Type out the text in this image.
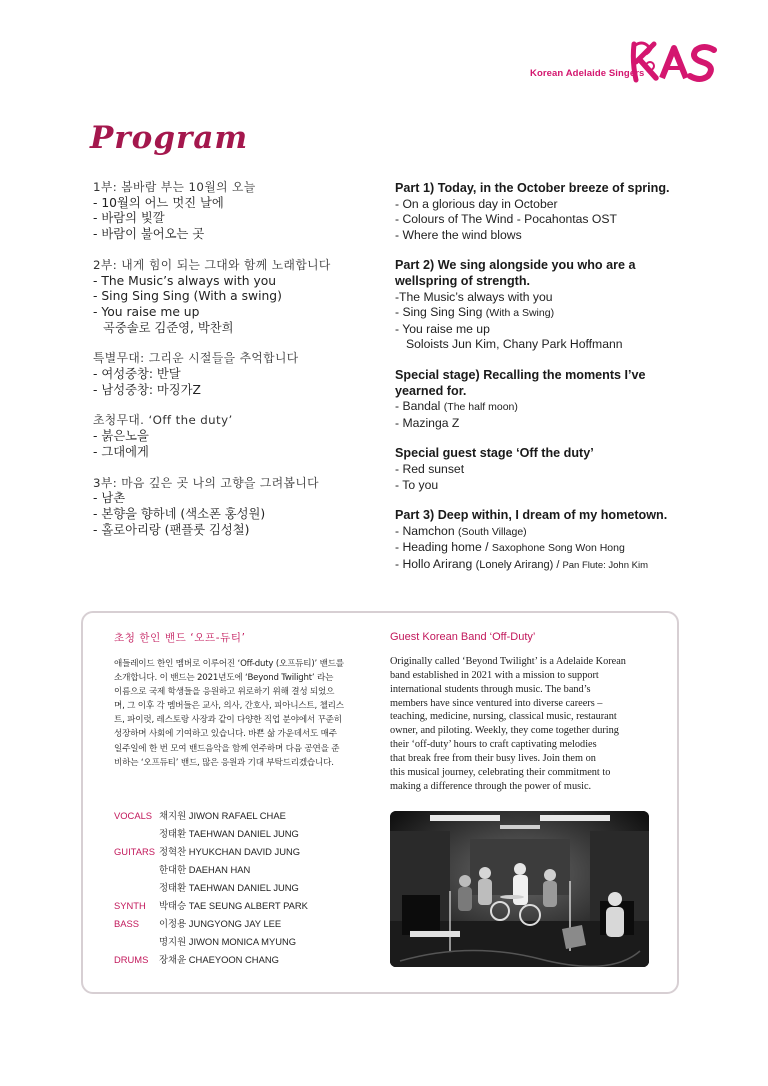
Korean Adelaide Singers
Program
1부: 봄바람 부는 10월의 오늘
- 10월의 어느 멋진 날에
- 바람의 빛깔
- 바람이 불어오는 곳
2부: 내게 힘이 되는 그대와 함께 노래합니다
- The Music’s always with you
- Sing Sing Sing (With a swing)
- You raise me up
곡중솔로 김준영, 박찬희
특별무대: 그리운 시절들을 추억합니다
- 여성중창: 반달
- 남성중창: 마징가Z
초청무대. ‘Off the duty’
- 붉은노을
- 그대에게
3부: 마음 깊은 곳 나의 고향을 그려봅니다
- 남촌
- 본향을 향하네 (색소폰 홍성원)
- 홀로아리랑 (팬플룻 김성철)
Part 1) Today, in the October breeze of spring.
- On a glorious day in October
- Colours of The Wind - Pocahontas OST
- Where the wind blows
Part 2) We sing alongside you who are a
wellspring of strength.
-The Music’s always with you
- Sing Sing Sing (With a Swing)
- You raise me up
Soloists Jun Kim, Chany Park Hoffmann
Special stage) Recalling the moments I’ve
yearned for.
- Bandal (The half moon)
- Mazinga Z
Special guest stage ‘Off the duty’
- Red sunset
- To you
Part 3) Deep within, I dream of my hometown.
- Namchon (South Village)
- Heading home / Saxophone Song Won Hong
- Hollo Arirang (Lonely Arirang) / Pan Flute: John Kim
초청 한인 밴드 ‘오프-듀티’	Guest Korean Band ‘Off-Duty’
애들레이드 한인 멤버로 이루어진 ‘Off-duty (오프듀티)’ 밴드를
소개합니다. 이 밴드는 2021년도에 ‘Beyond Twilight’ 라는
이름으로 국제 학생들을 응원하고 위로하기 위해 결성 되었으
며, 그 이후 각 멤버들은 교사, 의사, 간호사, 피아니스트, 첼리스
트, 파이럿, 레스토랑 사장과 같이 다양한 직업 분야에서 꾸준히
성장하며 사회에 기여하고 있습니다. 바쁜 삶 가운데서도 매주
일주일에 한 번 모여 밴드음악을 함께 연주하며 다음 공연을 준
비하는 ‘오프듀티’ 밴드, 많은 응원과 기대 부탁드리겠습니다.
Originally called ‘Beyond Twilight’ is a Adelaide Korean
band established in 2021 with a mission to support
international students through music. The band’s
members have since ventured into diverse careers –
teaching, medicine, nursing, classical music, restaurant
owner, and piloting. Weekly, they come together during
their ‘off-duty’ hours to craft captivating melodies
that break free from their busy lives. Join them on
this musical journey, celebrating their commitment to
making a difference through the power of music.
VOCALS 채지원 JIWON RAFAEL CHAE
정태환 TAEHWAN DANIEL JUNG
GUITARS 정혁찬 HYUKCHAN DAVID JUNG
한대한 DAEHAN HAN
정태환 TAEHWAN DANIEL JUNG
SYNTH	박태승 TAE SEUNG ALBERT PARK
BASS	이정용 JUNGYONG JAY LEE
명지원 JIWON MONICA MYUNG
DRUMS	장채윤 CHAEYOON CHANG
